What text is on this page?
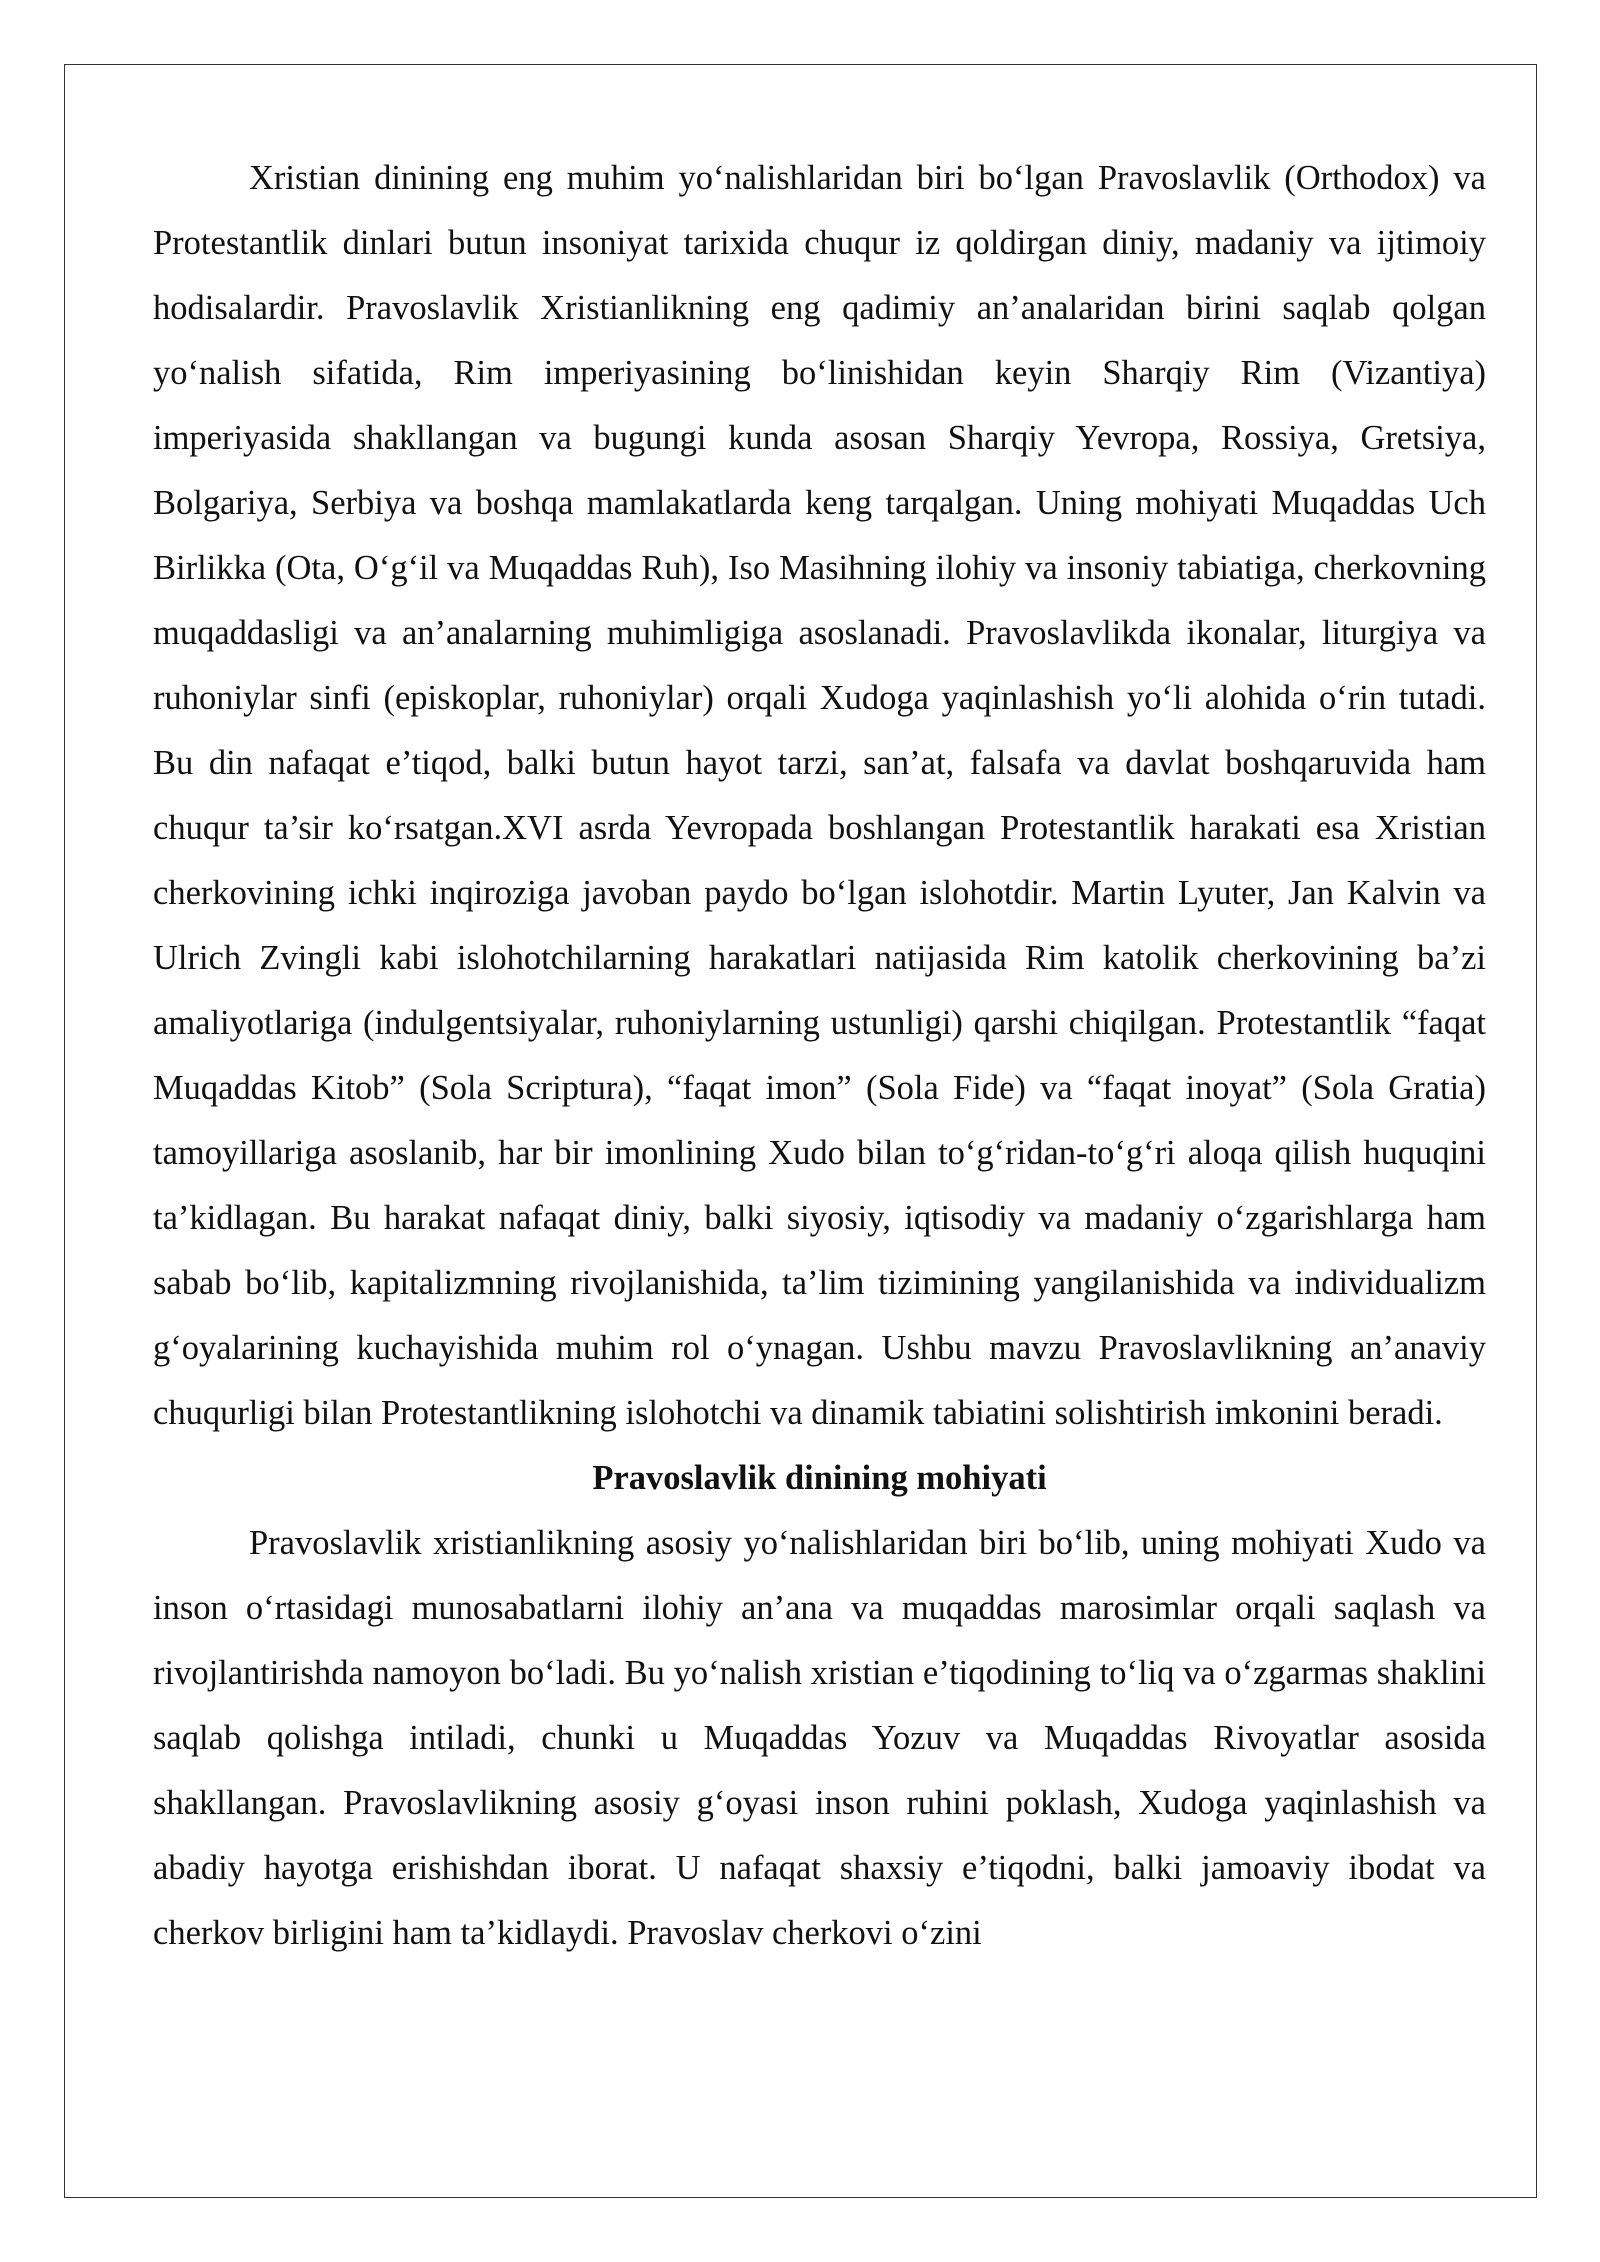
Xristian dinining eng muhim yo‘nalishlaridan biri bo‘lgan Pravoslavlik (Orthodox) va Protestantlik dinlari butun insoniyat tarixida chuqur iz qoldirgan diniy, madaniy va ijtimoiy hodisalardir. Pravoslavlik Xristianlikning eng qadimiy an’analaridan birini saqlab qolgan yo‘nalish sifatida, Rim imperiyasining bo‘linishidan keyin Sharqiy Rim (Vizantiya) imperiyasida shakllangan va bugungi kunda asosan Sharqiy Yevropa, Rossiya, Gretsiya, Bolgariya, Serbiya va boshqa mamlakatlarda keng tarqalgan. Uning mohiyati Muqaddas Uch Birlikka (Ota, O‘g‘il va Muqaddas Ruh), Iso Masihning ilohiy va insoniy tabiatiga, cherkovning muqaddasligi va an’analarning muhimligiga asoslanadi. Pravoslavlikda ikonalar, liturgiya va ruhoniylar sinfi (episkoplar, ruhoniylar) orqali Xudoga yaqinlashish yo‘li alohida o‘rin tutadi. Bu din nafaqat e’tiqod, balki butun hayot tarzi, san’at, falsafa va davlat boshqaruvida ham chuqur ta’sir ko‘rsatgan.XVI asrda Yevropada boshlangan Protestantlik harakati esa Xristian cherkovining ichki inqiroziga javoban paydo bo‘lgan islohotdir. Martin Lyuter, Jan Kalvin va Ulrich Zvingli kabi islohotchilarning harakatlari natijasida Rim katolik cherkovining ba’zi amaliyotlariga (indulgentsiyalar, ruhoniylarning ustunligi) qarshi chiqilgan. Protestantlik “faqat Muqaddas Kitob” (Sola Scriptura), “faqat imon” (Sola Fide) va “faqat inoyat” (Sola Gratia) tamoyillariga asoslanib, har bir imonlining Xudo bilan to‘g‘ridan-to‘g‘ri aloqa qilish huquqini ta’kidlagan. Bu harakat nafaqat diniy, balki siyosiy, iqtisodiy va madaniy o‘zgarishlarga ham sabab bo‘lib, kapitalizmning rivojlanishida, ta’lim tizimining yangilanishida va individualizm g‘oyalarining kuchayishida muhim rol o‘ynagan. Ushbu mavzu Pravoslavlikning an’anaviy chuqurligi bilan Protestantlikning islohotchi va dinamik tabiatini solishtirish imkonini beradi.

Pravoslavlik dinining mohiyati

Pravoslavlik xristianlikning asosiy yo‘nalishlaridan biri bo‘lib, uning mohiyati Xudo va inson o‘rtasidagi munosabatlarni ilohiy an’ana va muqaddas marosimlar orqali saqlash va rivojlantirishda namoyon bo‘ladi. Bu yo‘nalish xristian e’tiqodining to‘liq va o‘zgarmas shaklini saqlab qolishga intiladi, chunki u Muqaddas Yozuv va Muqaddas Rivoyatlar asosida shakllangan. Pravoslavlikning asosiy g‘oyasi inson ruhini poklash, Xudoga yaqinlashish va abadiy hayotga erishishdan iborat. U nafaqat shaxsiy e’tiqodni, balki jamoaviy ibodat va cherkov birligini ham ta’kidlaydi. Pravoslav cherkovi o‘zini
